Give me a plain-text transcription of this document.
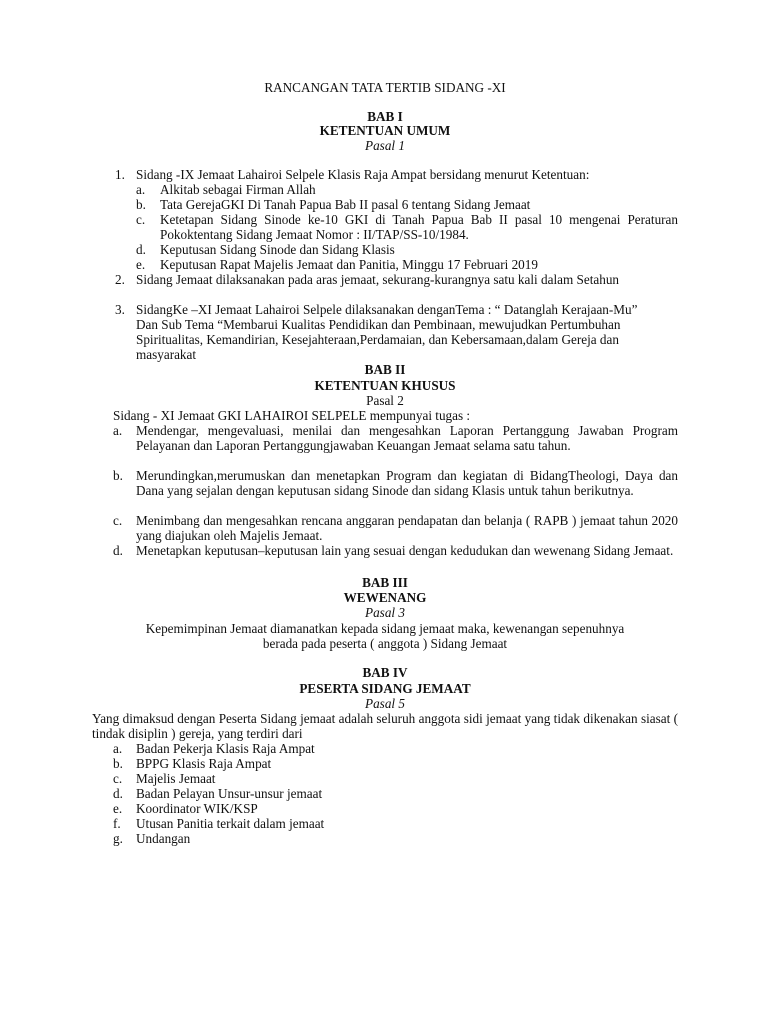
RANCANGAN TATA TERTIB SIDANG -XI
BAB I
KETENTUAN UMUM
Pasal 1
1. Sidang -IX Jemaat Lahairoi Selpele Klasis Raja Ampat bersidang menurut Ketentuan:
a. Alkitab sebagai Firman Allah
b. Tata GerejaGKI Di Tanah Papua Bab II pasal 6 tentang Sidang Jemaat
c. Ketetapan Sidang Sinode ke-10 GKI di Tanah Papua Bab II pasal 10 mengenai Peraturan Pokoktentang Sidang Jemaat Nomor : II/TAP/SS-10/1984.
d. Keputusan Sidang Sinode dan Sidang Klasis
e. Keputusan Rapat Majelis Jemaat dan Panitia, Minggu 17 Februari 2019
2. Sidang Jemaat dilaksanakan pada aras jemaat, sekurang-kurangnya satu kali dalam Setahun
3. SidangKe –XI Jemaat Lahairoi Selpele dilaksanakan denganTema : “ Datanglah Kerajaan-Mu” Dan Sub Tema “Membarui Kualitas Pendidikan dan Pembinaan, mewujudkan Pertumbuhan Spiritualitas, Kemandirian, Kesejahteraan,Perdamaian, dan Kebersamaan,dalam Gereja dan masyarakat
BAB II
KETENTUAN KHUSUS
Pasal 2
Sidang - XI Jemaat GKI LAHAIROI SELPELE mempunyai tugas :
a. Mendengar, mengevaluasi, menilai dan mengesahkan Laporan Pertanggung Jawaban Program Pelayanan dan Laporan Pertanggungjawaban Keuangan Jemaat selama satu tahun.
b. Merundingkan,merumuskan dan menetapkan Program dan kegiatan di BidangTheologi, Daya dan Dana yang sejalan dengan keputusan sidang Sinode dan sidang Klasis untuk tahun berikutnya.
c. Menimbang dan mengesahkan rencana anggaran pendapatan dan belanja ( RAPB ) jemaat tahun 2020 yang diajukan oleh Majelis Jemaat.
d. Menetapkan keputusan–keputusan lain yang sesuai dengan kedudukan dan wewenang Sidang Jemaat.
BAB III
WEWENANG
Pasal 3
Kepemimpinan Jemaat diamanatkan kepada sidang jemaat maka, kewenangan sepenuhnya
berada pada peserta ( anggota ) Sidang Jemaat
BAB IV
PESERTA SIDANG JEMAAT
Pasal 5
Yang dimaksud dengan Peserta Sidang jemaat adalah seluruh anggota sidi jemaat yang tidak dikenakan siasat ( tindak disiplin ) gereja, yang terdiri dari
a. Badan Pekerja Klasis Raja Ampat
b. BPPG Klasis Raja Ampat
c. Majelis Jemaat
d. Badan Pelayan Unsur-unsur jemaat
e. Koordinator WIK/KSP
f. Utusan Panitia terkait dalam jemaat
g. Undangan
